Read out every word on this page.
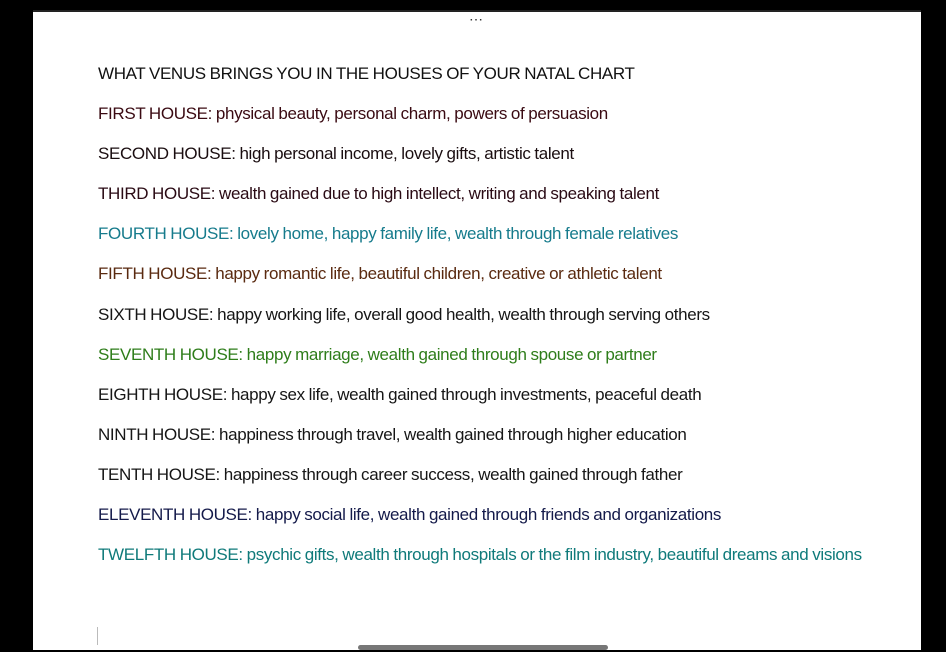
⋯
WHAT VENUS BRINGS YOU IN THE HOUSES OF YOUR NATAL CHART
FIRST HOUSE: physical beauty, personal charm, powers of persuasion
SECOND HOUSE: high personal income, lovely gifts, artistic talent
THIRD HOUSE: wealth gained due to high intellect, writing and speaking talent
FOURTH HOUSE: lovely home, happy family life, wealth through female relatives
FIFTH HOUSE: happy romantic life, beautiful children, creative or athletic talent
SIXTH HOUSE: happy working life, overall good health, wealth through serving others
SEVENTH HOUSE: happy marriage, wealth gained through spouse or partner
EIGHTH HOUSE: happy sex life, wealth gained through investments, peaceful death
NINTH HOUSE: happiness through travel, wealth gained through higher education
TENTH HOUSE: happiness through career success, wealth gained through father
ELEVENTH HOUSE: happy social life, wealth gained through friends and organizations
TWELFTH HOUSE: psychic gifts, wealth through hospitals or the film industry, beautiful dreams and visions
